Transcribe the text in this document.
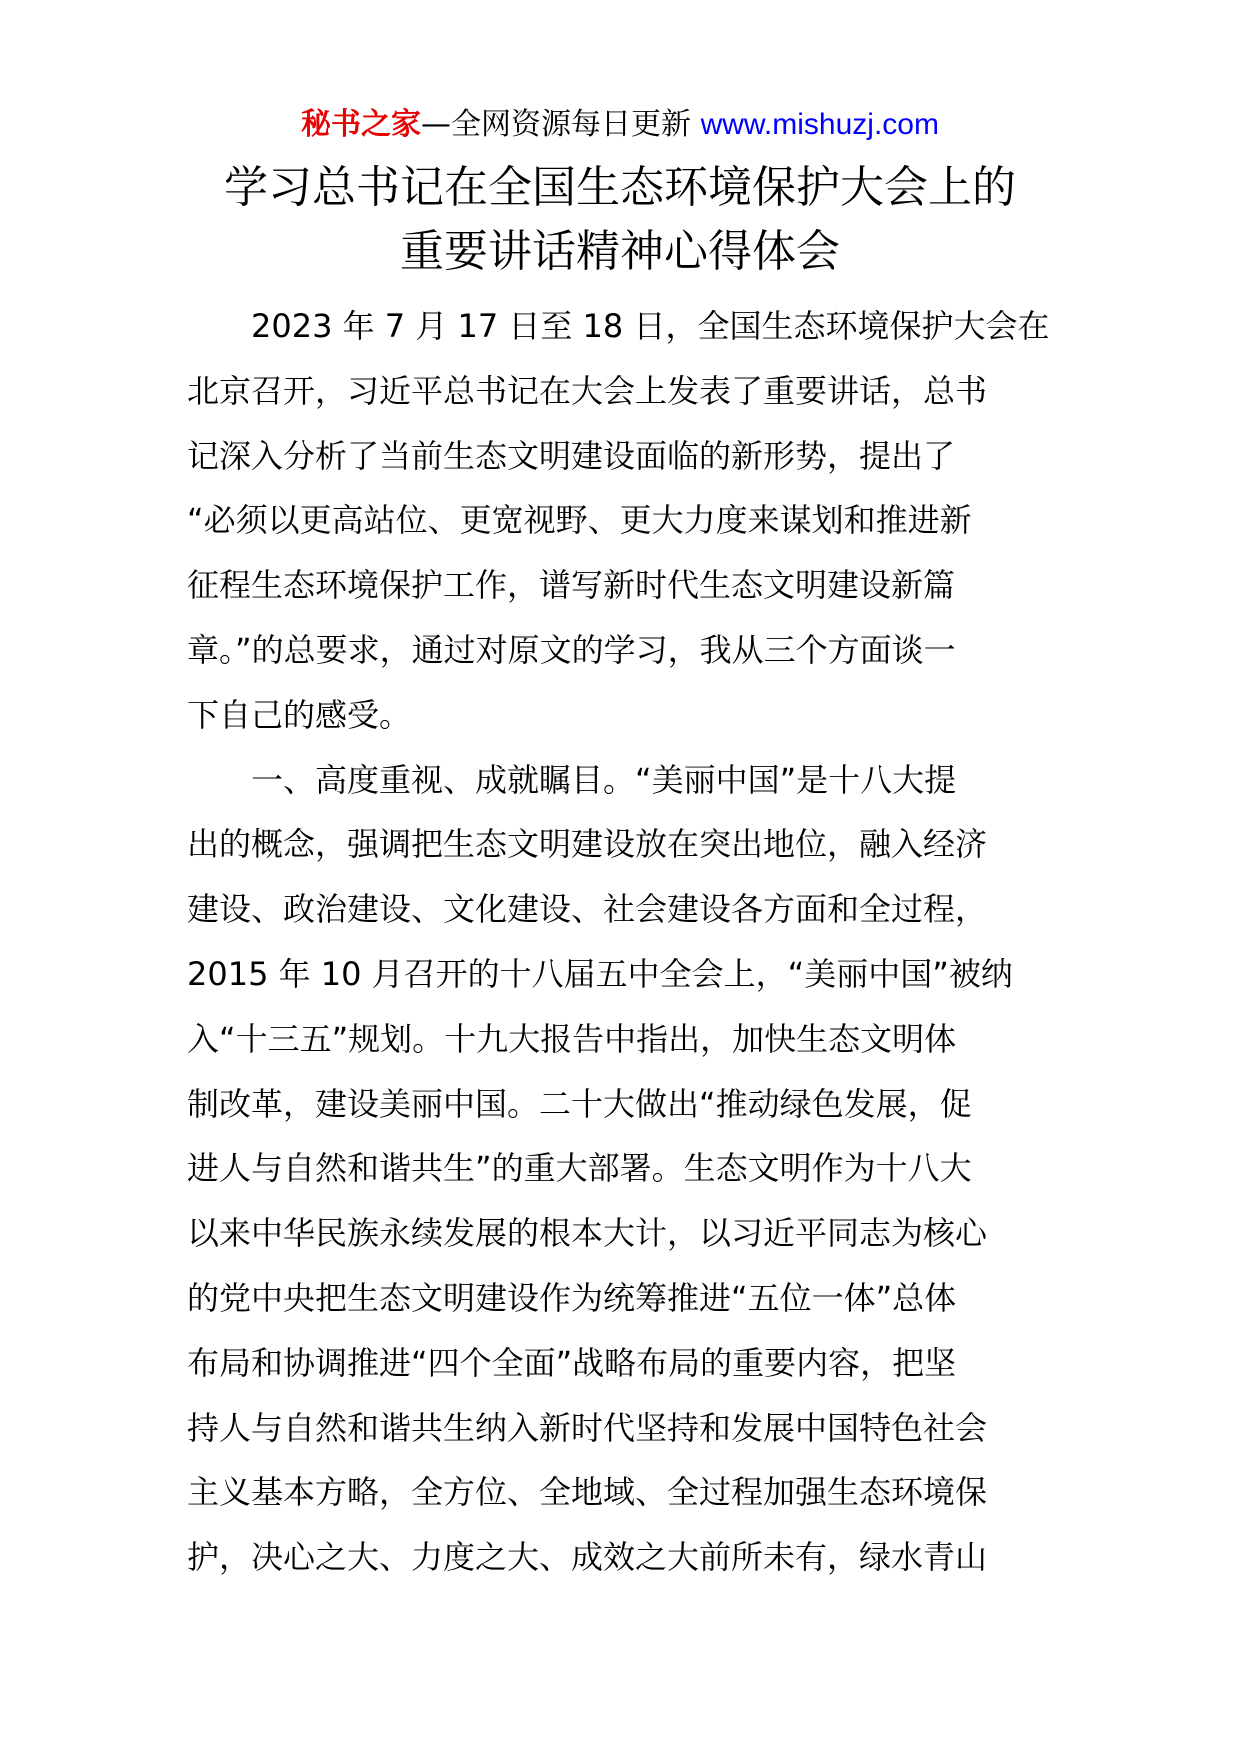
秘书之家—全网资源每日更新 www.mishuzj.com
学习总书记在全国生态环境保护大会上的
重要讲话精神心得体会
2023 年 7 月 17 日至 18 日，全国生态环境保护大会在
北京召开，习近平总书记在大会上发表了重要讲话，总书
记深入分析了当前生态文明建设面临的新形势，提出了
“必须以更高站位、更宽视野、更大力度来谋划和推进新
征程生态环境保护工作，谱写新时代生态文明建设新篇
章。”的总要求，通过对原文的学习，我从三个方面谈一
下自己的感受。
一、高度重视、成就瞩目。“美丽中国”是十八大提
出的概念，强调把生态文明建设放在突出地位，融入经济
建设、政治建设、文化建设、社会建设各方面和全过程，
2015 年 10 月召开的十八届五中全会上，“美丽中国”被纳
入“十三五”规划。十九大报告中指出，加快生态文明体
制改革，建设美丽中国。二十大做出“推动绿色发展，促
进人与自然和谐共生”的重大部署。生态文明作为十八大
以来中华民族永续发展的根本大计，以习近平同志为核心
的党中央把生态文明建设作为统筹推进“五位一体”总体
布局和协调推进“四个全面”战略布局的重要内容，把坚
持人与自然和谐共生纳入新时代坚持和发展中国特色社会
主义基本方略，全方位、全地域、全过程加强生态环境保
护，决心之大、力度之大、成效之大前所未有，绿水青山
